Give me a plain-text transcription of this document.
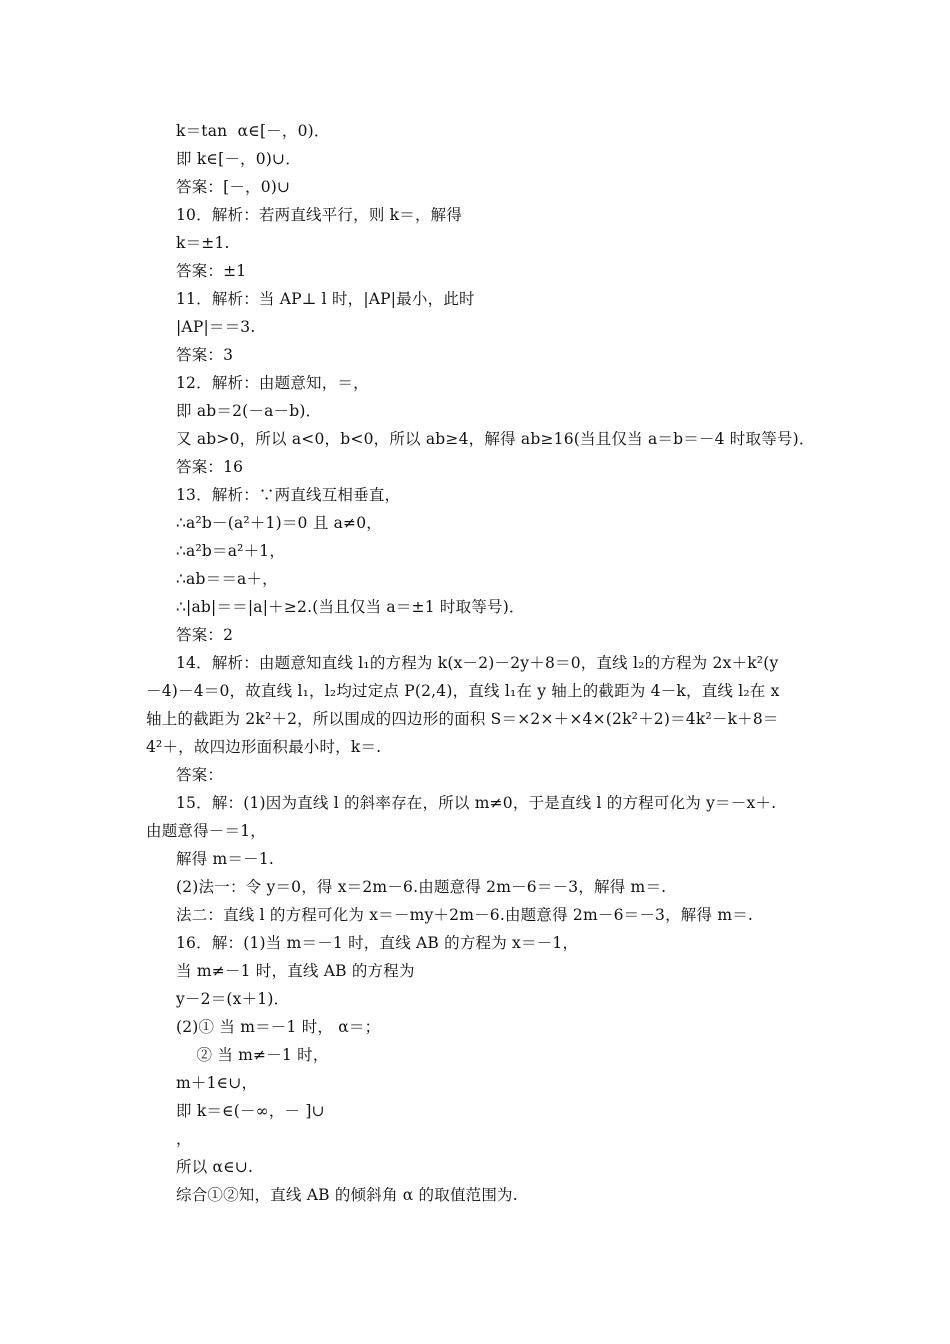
k＝tan  α∈[－，0)．
即 k∈[－，0)∪．
答案：[－，0)∪
10．解析：若两直线平行，则 k＝，解得
k＝±1.
答案：±1
11．解析：当 AP⊥ l 时，|AP|最小，此时
|AP|＝＝3.
答案：3
12．解析：由题意知，＝，
即 ab＝2(－a－b)．
又 ab>0，所以 a<0，b<0，所以 ab≥4，解得 ab≥16(当且仅当 a＝b＝－4 时取等号)．
答案：16
13．解析：∵两直线互相垂直，
∴a²b－(a²＋1)＝0 且 a≠0，
∴a²b＝a²＋1，
∴ab＝＝a＋，
∴|ab|＝＝|a|＋≥2.(当且仅当 a＝±1 时取等号)．
答案：2
14．解析：由题意知直线 l₁的方程为 k(x－2)－2y＋8＝0，直线 l₂的方程为 2x＋k²(y
－4)－4＝0，故直线 l₁，l₂均过定点 P(2,4)，直线 l₁在 y 轴上的截距为 4－k，直线 l₂在 x
轴上的截距为 2k²＋2，所以围成的四边形的面积 S＝×2×＋×4×(2k²＋2)＝4k²－k＋8＝
4²＋，故四边形面积最小时，k＝.
答案：
15．解：(1)因为直线 l 的斜率存在，所以 m≠0，于是直线 l 的方程可化为 y＝－x＋.
由题意得－＝1，
解得 m＝－1.
(2)法一：令 y＝0，得 x＝2m－6.由题意得 2m－6＝－3，解得 m＝.
法二：直线 l 的方程可化为 x＝－my＋2m－6.由题意得 2m－6＝－3，解得 m＝.
16．解：(1)当 m＝－1 时，直线 AB 的方程为 x＝－1，
当 m≠－1 时，直线 AB 的方程为
y－2＝(x＋1)．
(2)① 当 m＝－1 时， α＝；
② 当 m≠－1 时，
m＋1∈∪，
即 k＝∈(－∞，－ ]∪
，
所以 α∈∪.
综合①②知，直线 AB 的倾斜角 α 的取值范围为.
